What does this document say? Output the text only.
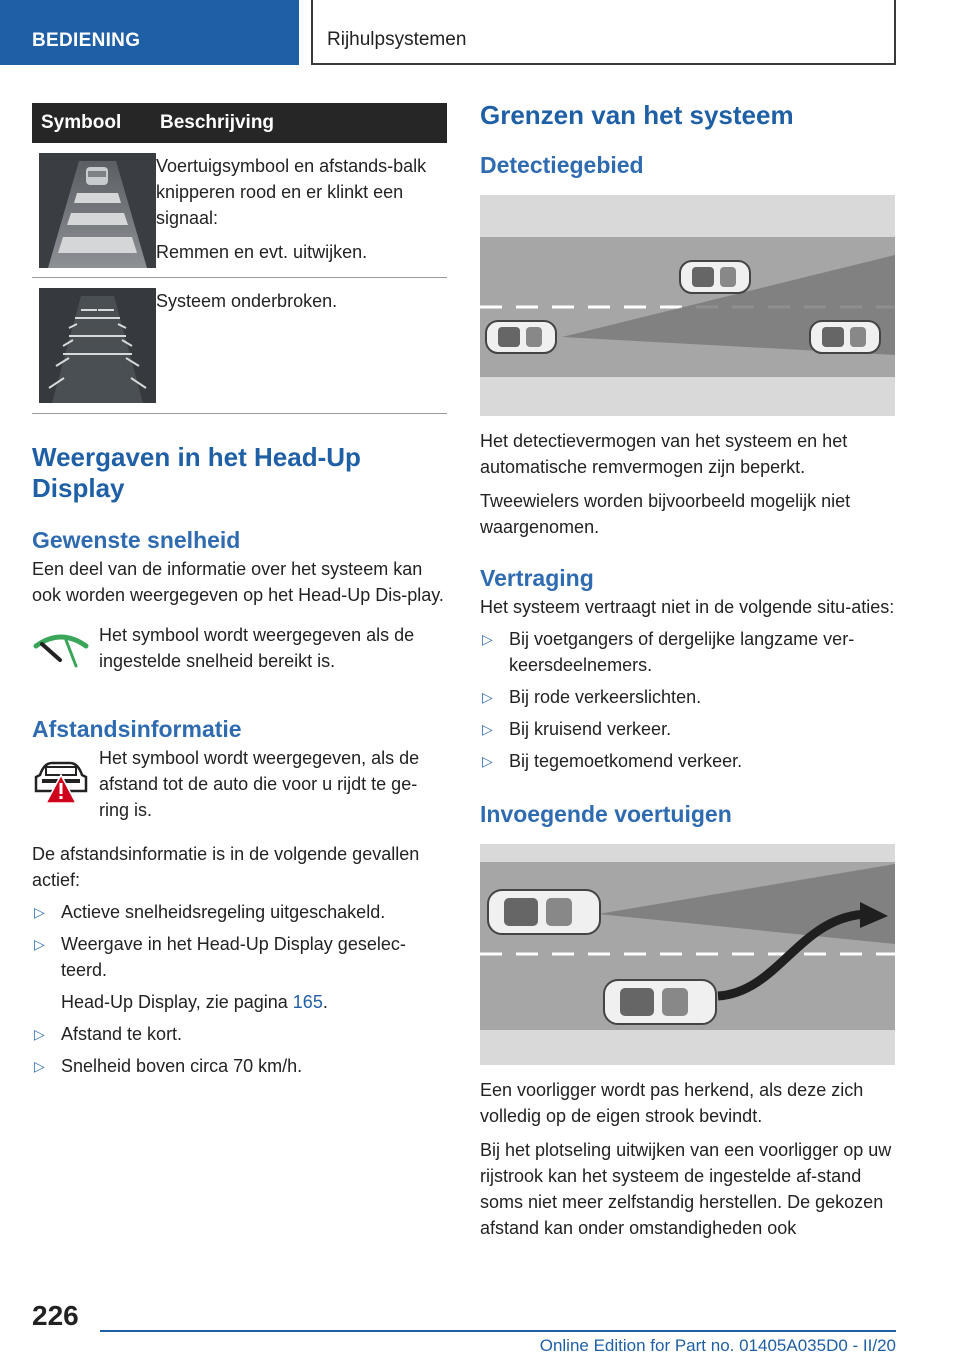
BEDIENING	Rijhulpsystemen
Symbool	Beschrijving

Voertuigsymbool en afstands-balk knipperen rood en er klinkt een signaal:

Remmen en evt. uitwijken.

Systeem onderbroken.

Weergaven in het Head-Up Display
Gewenste snelheid

Een deel van de informatie over het systeem kan ook worden weergegeven op het Head-Up Dis-play.

Het symbool wordt weergegeven als de ingestelde snelheid bereikt is.

Afstandsinformatie

Het symbool wordt weergegeven, als de afstand tot de auto die voor u rijdt te ge-ring is.

De afstandsinformatie is in de volgende gevallen actief:

▷ Actieve snelheidsregeling uitgeschakeld.
▷ Weergave in het Head-Up Display geselec-teerd.
Head-Up Display, zie pagina 165.
▷ Afstand te kort.
▷ Snelheid boven circa 70 km/h.
Grenzen van het systeem
Detectiegebied

Het detectievermogen van het systeem en het automatische remvermogen zijn beperkt.

Tweewielers worden bijvoorbeeld mogelijk niet waargenomen.

Vertraging

Het systeem vertraagt niet in de volgende situ-aties:

▷ Bij voetgangers of dergelijke langzame ver-keersdeelnemers.
▷ Bij rode verkeerslichten.
▷ Bij kruisend verkeer.
▷ Bij tegemoetkomend verkeer.
Invoegende voertuigen

Een voorligger wordt pas herkend, als deze zich volledig op de eigen strook bevindt.

Bij het plotseling uitwijken van een voorligger op uw rijstrook kan het systeem de ingestelde af-stand soms niet meer zelfstandig herstellen. De gekozen afstand kan onder omstandigheden ook

226
Online Edition for Part no. 01405A035D0 - II/20
